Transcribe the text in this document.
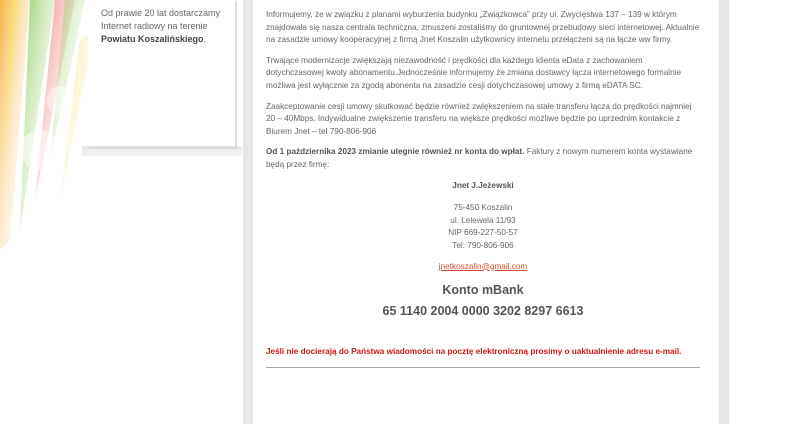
Od prawie 20 lat dostarczamy Internet radiowy na terenie Powiatu Koszalińskiego.

Informujemy, że w związku z planami wyburzenia budynku „Związkowca” przy ul. Zwycięstwa 137 – 139 w którym znajdowała się nasza centrala techniczna, zmuszeni zostaliśmy do gruntownej przebudowy sieci internetowej. Aktualnie na zasadzie umowy kooperacyjnej z firmą Jnet Koszalin użytkownicy internetu przełączeni są na łącze ww firmy.

Trwające modernizacje zwiększają niezawodność i prędkości dla każdego klienta eData z zachowaniem dotychczasowej kwoty abonamentu.Jednocześnie informujemy że zmiana dostawcy łącza internetowego formalnie możliwa jest wyłącznie za zgodą abonenta na zasadzie cesji dotychczasowej umowy z firmą eDATA SC.

Zaakceptowanie cesji umowy skutkować będzie również zwiększeniem na stałe transferu łącza do prędkości najmniej 20 – 40Mbps. Indywidualne zwiększenie transferu na większe prędkości możliwe będzie po uprzednim kontakcie z Biurem Jnet – tel 790-806-906

Od 1 października 2023 zmianie ulegnie również nr konta do wpłat. Faktury z nowym numerem konta wystawiane będą przez firmę:

Jnet J.Jeżewski
75-450 Koszalin
ul. Lelewela 11/93
NIP 669-227-50-57
Tel: 790-806-906
jnetkoszalin@gmail.com
Konto mBank
65 1140 2004 0000 3202 8297 6613
Jeśli nie docierają do Państwa wiadomości na pocztę elektroniczną prosimy o uaktualnienie adresu e-mail.
